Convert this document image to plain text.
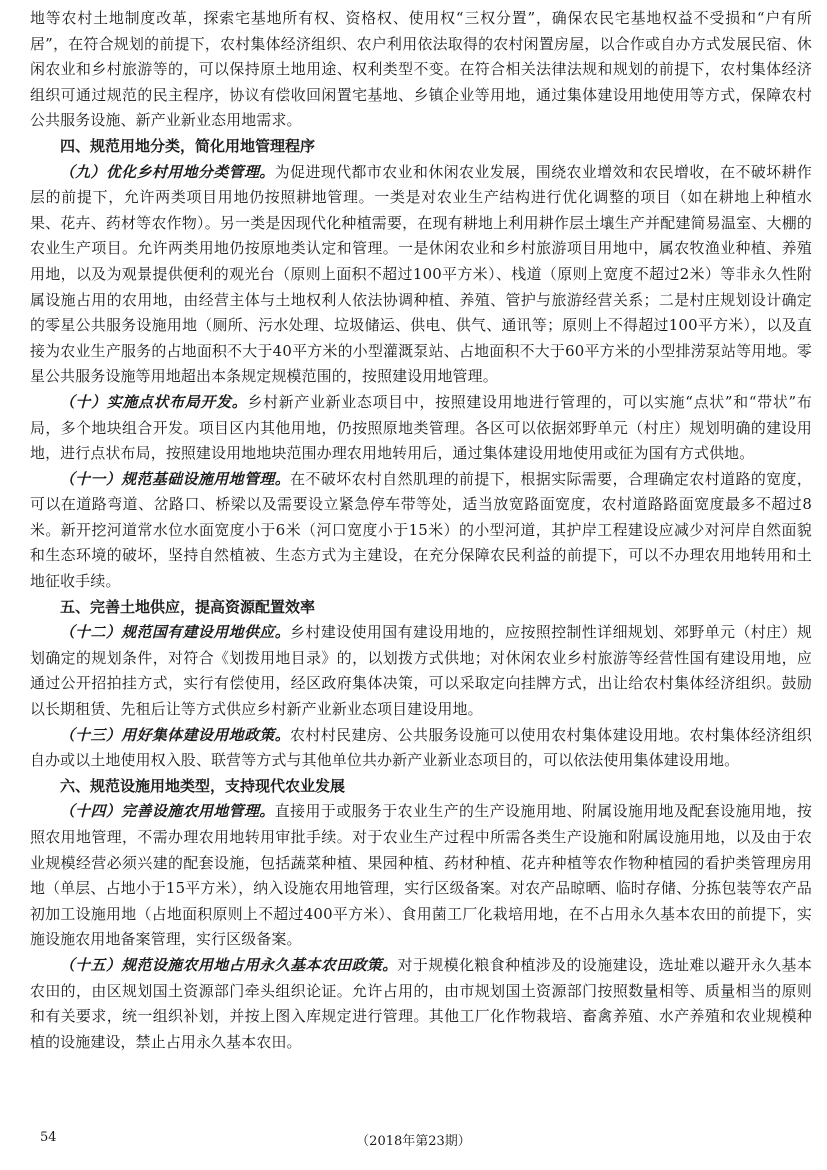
地等农村土地制度改革，探索宅基地所有权、资格权、使用权“三权分置”，确保农民宅基地权益不受损和“户有所居”，在符合规划的前提下，农村集体经济组织、农户利用依法取得的农村闲置房屋，以合作或自办方式发展民宿、休闲农业和乡村旅游等的，可以保持原土地用途、权利类型不变。在符合相关法律法规和规划的前提下，农村集体经济组织可通过规范的民主程序，协议有偿收回闲置宅基地、乡镇企业等用地，通过集体建设用地使用等方式，保障农村公共服务设施、新产业新业态用地需求。

四、规范用地分类，简化用地管理程序

（九）优化乡村用地分类管理。为促进现代都市农业和休闲农业发展，围绕农业增效和农民增收，在不破坏耕作层的前提下，允许两类项目用地仍按照耕地管理。一类是对农业生产结构进行优化调整的项目（如在耕地上种植水果、花卉、药材等农作物）。另一类是因现代化种植需要，在现有耕地上利用耕作层土壤生产并配建简易温室、大棚的农业生产项目。允许两类用地仍按原地类认定和管理。一是休闲农业和乡村旅游项目用地中，属农牧渔业种植、养殖用地，以及为观景提供便利的观光台（原则上面积不超过100平方米）、栈道（原则上宽度不超过2米）等非永久性附属设施占用的农用地，由经营主体与土地权利人依法协调种植、养殖、管护与旅游经营关系；二是村庄规划设计确定的零星公共服务设施用地（厕所、污水处理、垃圾储运、供电、供气、通讯等；原则上不得超过100平方米），以及直接为农业生产服务的占地面积不大于40平方米的小型灌溉泵站、占地面积不大于60平方米的小型排涝泵站等用地。零星公共服务设施等用地超出本条规定规模范围的，按照建设用地管理。

（十）实施点状布局开发。乡村新产业新业态项目中，按照建设用地进行管理的，可以实施“点状”和“带状”布局，多个地块组合开发。项目区内其他用地，仍按照原地类管理。各区可以依据郊野单元（村庄）规划明确的建设用地，进行点状布局，按照建设用地地块范围办理农用地转用后，通过集体建设用地使用或征为国有方式供地。

（十一）规范基础设施用地管理。在不破坏农村自然肌理的前提下，根据实际需要，合理确定农村道路的宽度，可以在道路弯道、岔路口、桥梁以及需要设立紧急停车带等处，适当放宽路面宽度，农村道路路面宽度最多不超过8米。新开挖河道常水位水面宽度小于6米（河口宽度小于15米）的小型河道，其护岸工程建设应减少对河岸自然面貌和生态环境的破坏，坚持自然植被、生态方式为主建设，在充分保障农民利益的前提下，可以不办理农用地转用和土地征收手续。

五、完善土地供应，提高资源配置效率

（十二）规范国有建设用地供应。乡村建设使用国有建设用地的，应按照控制性详细规划、郊野单元（村庄）规划确定的规划条件，对符合《划拨用地目录》的，以划拨方式供地；对休闲农业乡村旅游等经营性国有建设用地，应通过公开招拍挂方式，实行有偿使用，经区政府集体决策，可以采取定向挂牌方式，出让给农村集体经济组织。鼓励以长期租赁、先租后让等方式供应乡村新产业新业态项目建设用地。

（十三）用好集体建设用地政策。农村村民建房、公共服务设施可以使用农村集体建设用地。农村集体经济组织自办或以土地使用权入股、联营等方式与其他单位共办新产业新业态项目的，可以依法使用集体建设用地。

六、规范设施用地类型，支持现代农业发展

（十四）完善设施农用地管理。直接用于或服务于农业生产的生产设施用地、附属设施用地及配套设施用地，按照农用地管理，不需办理农用地转用审批手续。对于农业生产过程中所需各类生产设施和附属设施用地，以及由于农业规模经营必须兴建的配套设施，包括蔬菜种植、果园种植、药材种植、花卉种植等农作物种植园的看护类管理房用地（单层、占地小于15平方米），纳入设施农用地管理，实行区级备案。对农产品晾晒、临时存储、分拣包装等农产品初加工设施用地（占地面积原则上不超过400平方米）、食用菌工厂化栽培用地，在不占用永久基本农田的前提下，实施设施农用地备案管理，实行区级备案。

（十五）规范设施农用地占用永久基本农田政策。对于规模化粮食种植涉及的设施建设，选址难以避开永久基本农田的，由区规划国土资源部门牵头组织论证。允许占用的，由市规划国土资源部门按照数量相等、质量相当的原则和有关要求，统一组织补划，并按上图入库规定进行管理。其他工厂化作物栽培、畜禽养殖、水产养殖和农业规模种植的设施建设，禁止占用永久基本农田。

54	（2018年第23期）
